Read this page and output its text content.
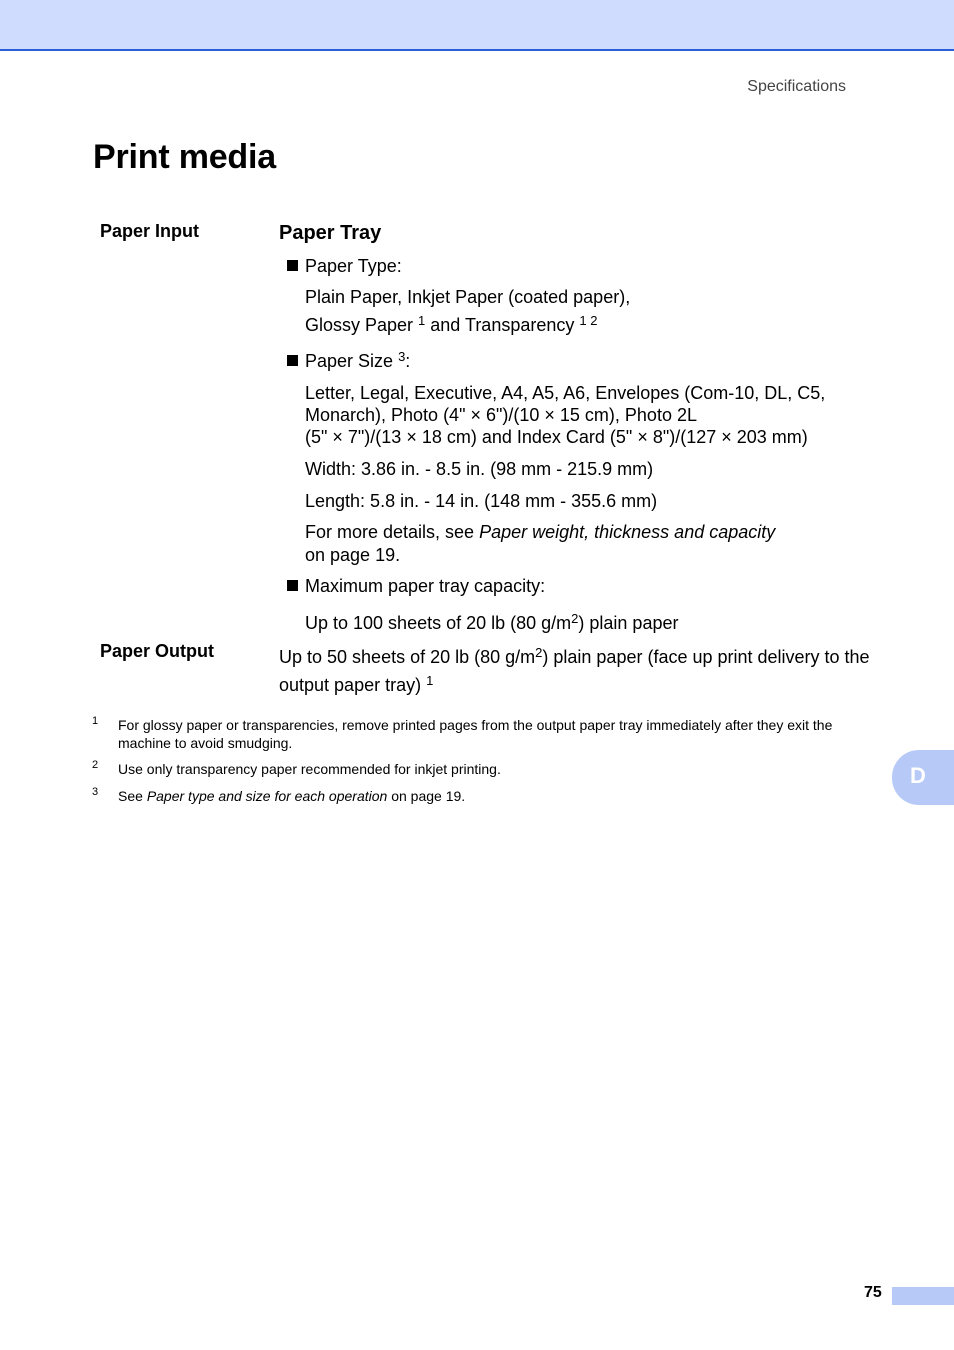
Specifications
Print media
Paper Input	Paper Tray
Paper Type:
Plain Paper, Inkjet Paper (coated paper),
Glossy Paper $^1$ and Transparency $^{1 2}$
Paper Size $^3$:
Letter, Legal, Executive, A4, A5, A6, Envelopes (Com-10, DL, C5,
Monarch), Photo (4" × 6")/(10 × 15 cm), Photo 2L
(5" × 7")/(13 × 18 cm) and Index Card (5" × 8")/(127 × 203 mm)
Width: 3.86 in. - 8.5 in. (98 mm - 215.9 mm)
Length: 5.8 in. - 14 in. (148 mm - 355.6 mm)
For more details, see Paper weight, thickness and capacity
on page 19.
Maximum paper tray capacity:
Up to 100 sheets of 20 lb (80 $g/m^2$) plain paper
Paper Output	Up to 50 sheets of 20 lb (80 $g/m^2$) plain paper (face up print delivery to the
output paper tray) $^1$
1 For glossy paper or transparencies, remove printed pages from the output paper tray immediately after they exit the machine to avoid smudging.
2 Use only transparency paper recommended for inkjet printing.
3 See Paper type and size for each operation on page 19.
D
75
